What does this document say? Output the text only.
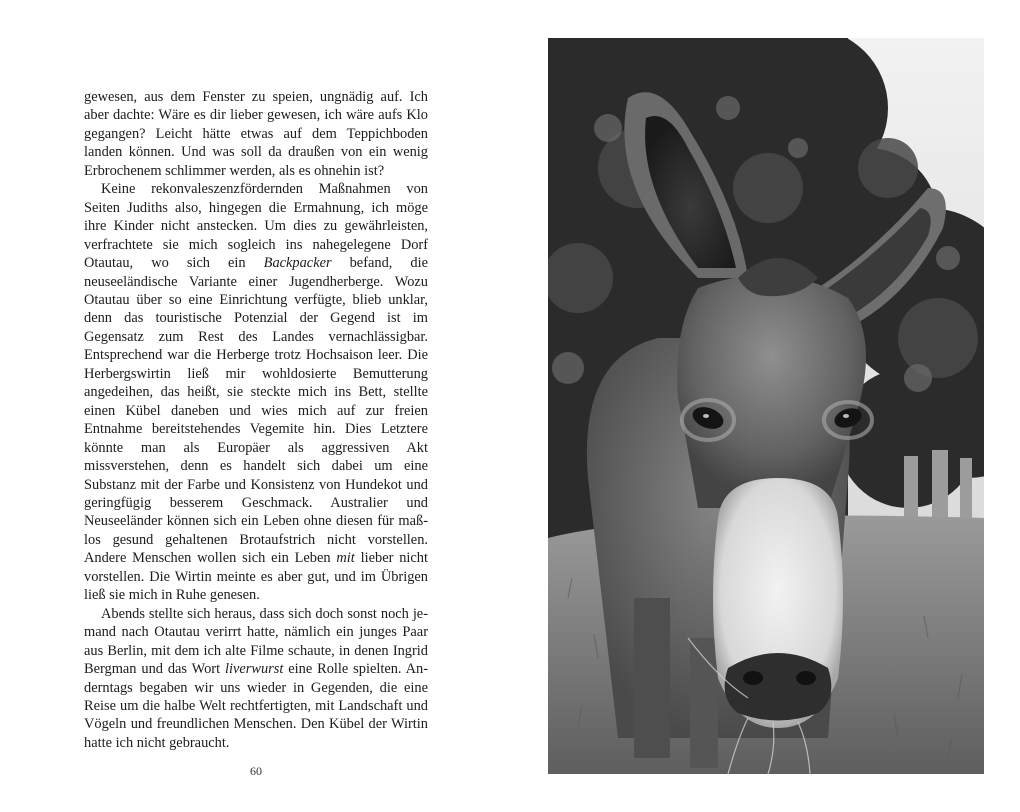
gewesen, aus dem Fenster zu speien, ungnädig auf. Ich aber dachte: Wäre es dir lieber gewesen, ich wäre aufs Klo gegangen? Leicht hätte etwas auf dem Teppichboden landen können. Und was soll da draußen von ein wenig Erbrochenem schlimmer werden, als es ohnehin ist?

Keine rekonvaleszenzfördernden Maßnahmen von Seiten Judiths also, hingegen die Ermahnung, ich möge ihre Kinder nicht anstecken. Um dies zu gewährleisten, verfrachtete sie mich sogleich ins nahegelegene Dorf Otautau, wo sich ein Backpacker befand, die neuseeländische Variante einer Jugendherberge. Wozu Otautau über so eine Einrichtung verfügte, blieb unklar, denn das touristische Potenzial der Gegend ist im Gegensatz zum Rest des Landes vernachlässigbar. Entsprechend war die Herberge trotz Hochsaison leer. Die Herbergswirtin ließ mir wohldosierte Bemutterung angedeihen, das heißt, sie steckte mich ins Bett, stellte einen Kübel daneben und wies mich auf zur freien Entnahme bereitstehendes Vegemite hin. Dies Letztere könnte man als Europäer als aggressiven Akt missverstehen, denn es handelt sich dabei um eine Substanz mit der Farbe und Konsistenz von Hundekot und geringfügig besserem Geschmack. Australier und Neuseeländer können sich ein Leben ohne diesen für maßlos gesund gehaltenen Brotaufstrich nicht vorstellen. Andere Menschen wollen sich ein Leben mit lieber nicht vorstellen. Die Wirtin meinte es aber gut, und im Übrigen ließ sie mich in Ruhe genesen.

Abends stellte sich heraus, dass sich doch sonst noch jemand nach Otautau verirrt hatte, nämlich ein junges Paar aus Berlin, mit dem ich alte Filme schaute, in denen Ingrid Bergman und das Wort liverwurst eine Rolle spielten. Anderntags begaben wir uns wieder in Gegenden, die eine Reise um die halbe Welt rechtfertigten, mit Landschaft und Vögeln und freundlichen Menschen. Den Kübel der Wirtin hatte ich nicht gebraucht.

60
